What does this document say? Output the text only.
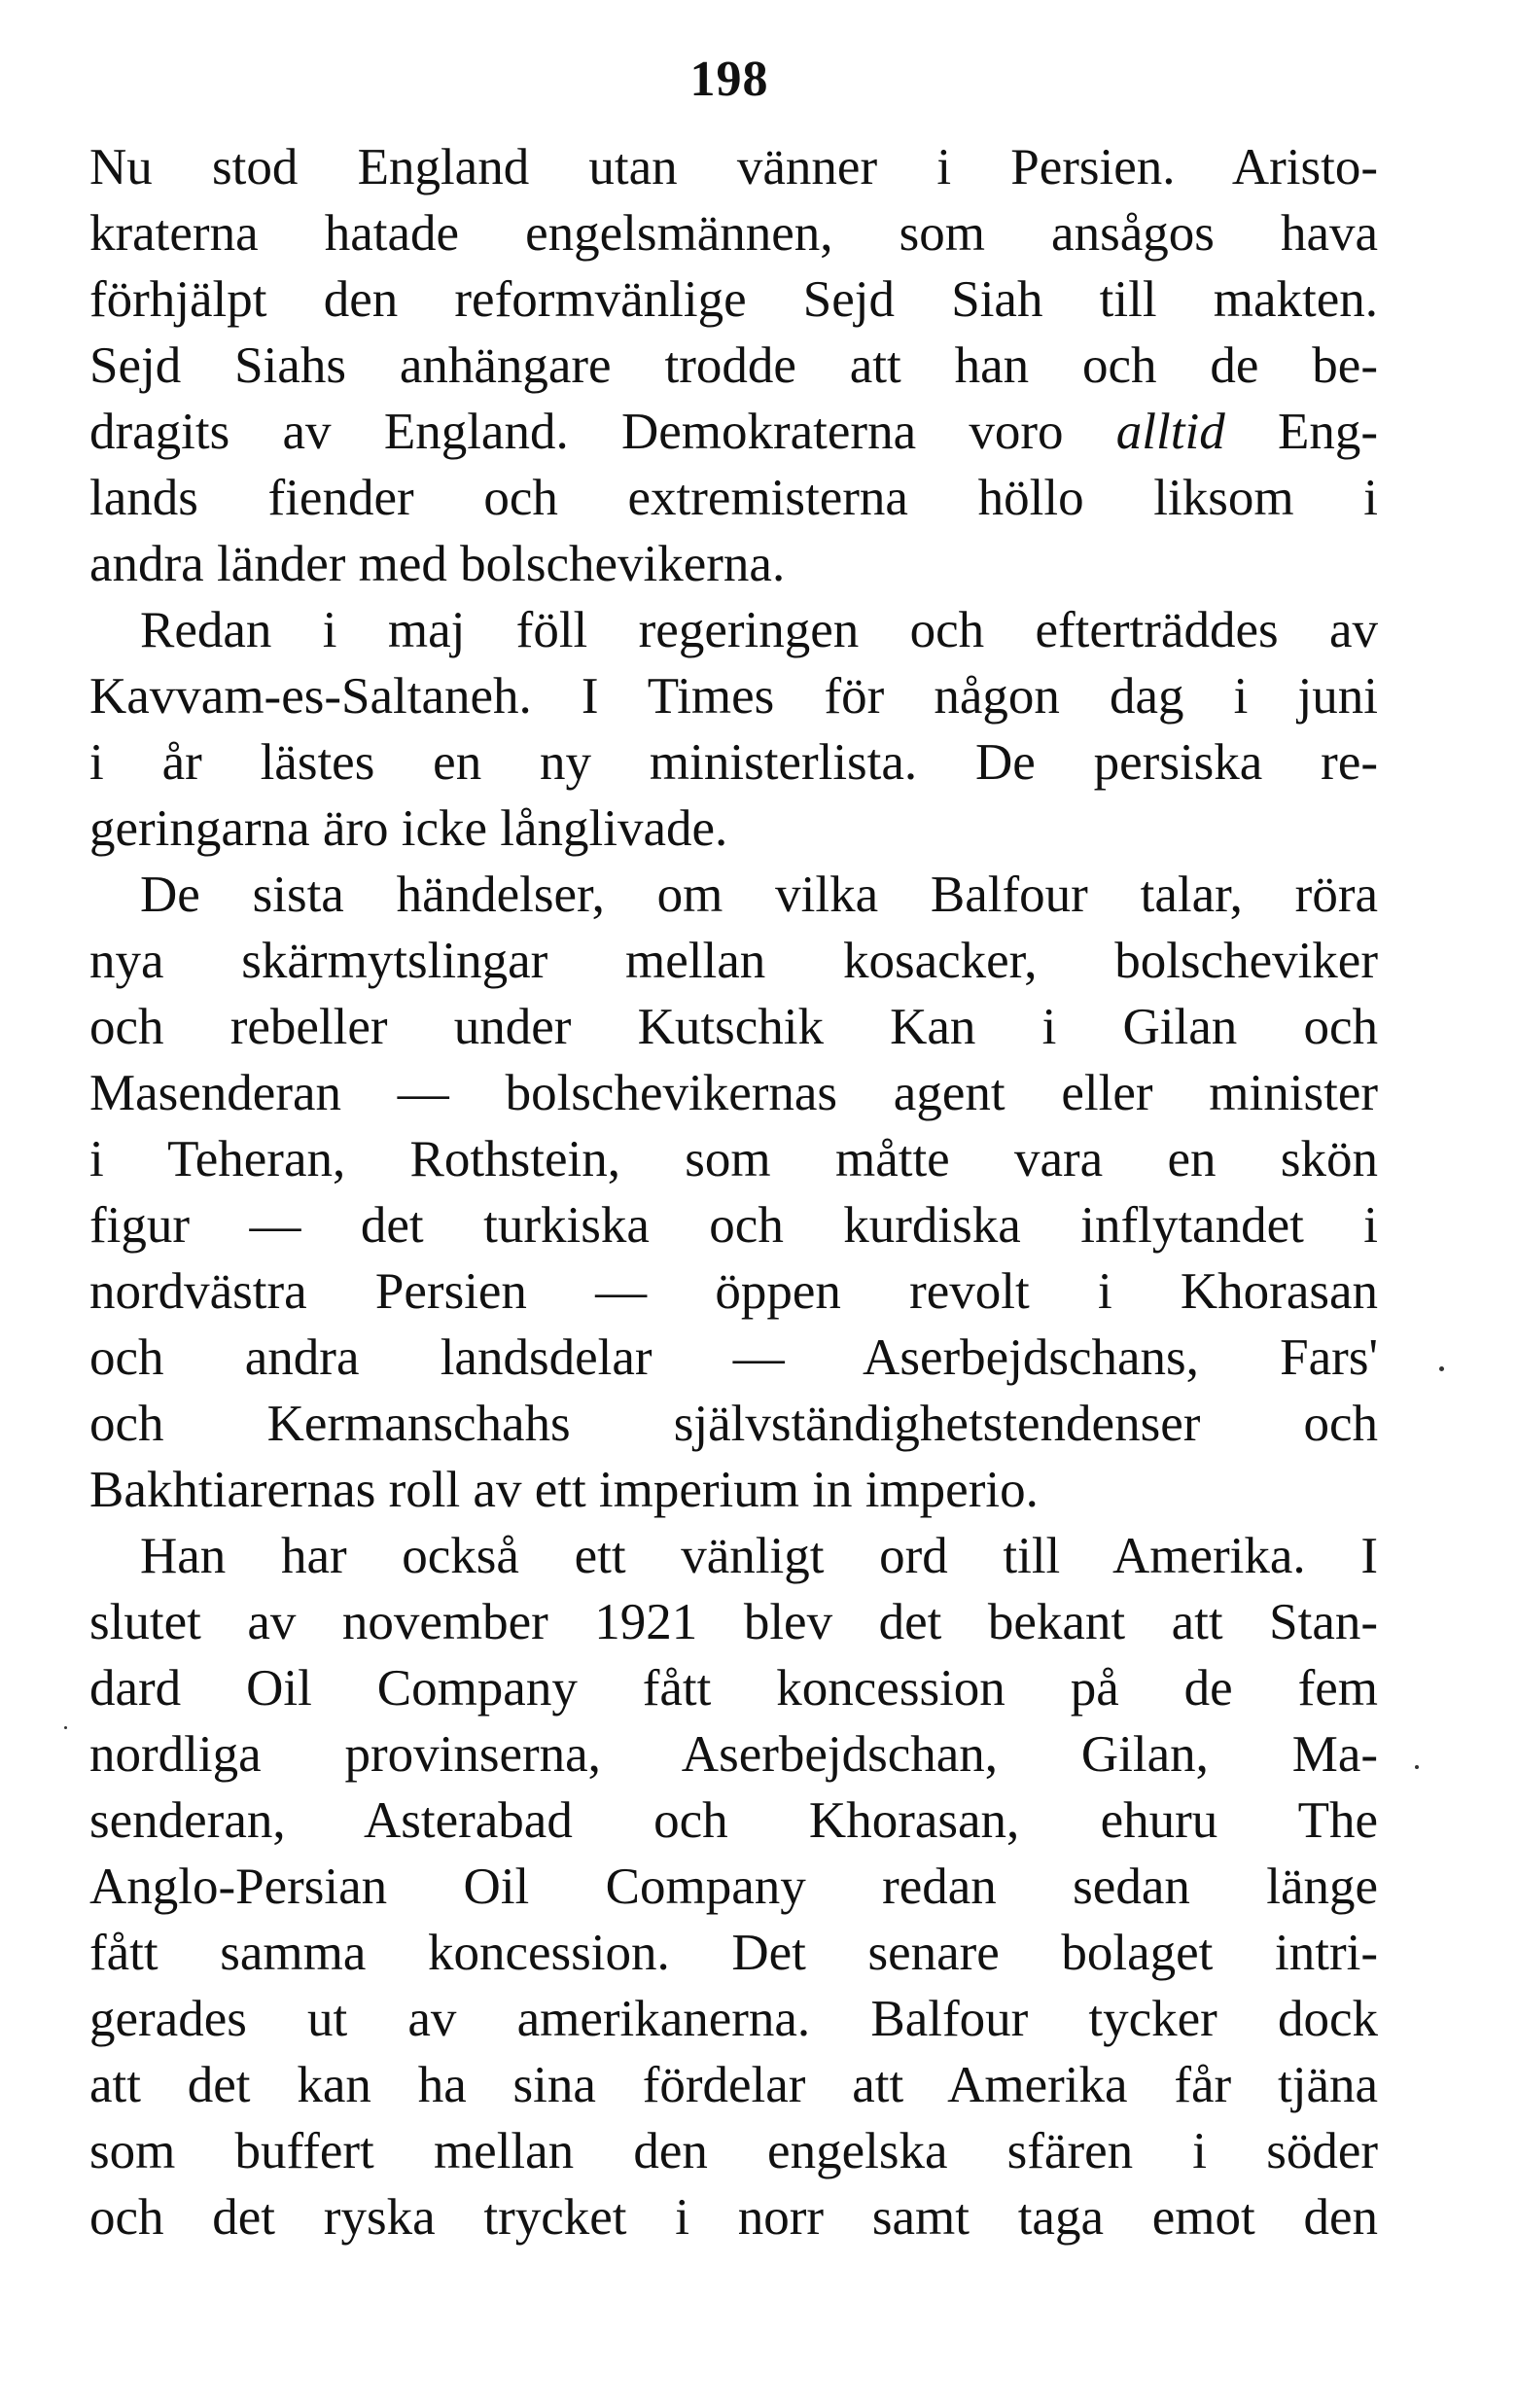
198
Nu stod England utan vänner i Persien. Aristo-
kraterna hatade engelsmännen, som ansågos hava
förhjälpt den reformvänlige Sejd Siah till makten.
Sejd Siahs anhängare trodde att han och de be-
dragits av England. Demokraterna voro alltid Eng-
lands fiender och extremisterna höllo liksom i
andra länder med bolschevikerna.
Redan i maj föll regeringen och efterträddes av
Kavvam-es-Saltaneh. I Times för någon dag i juni
i år lästes en ny ministerlista. De persiska re-
geringarna äro icke långlivade.
De sista händelser, om vilka Balfour talar, röra
nya skärmytslingar mellan kosacker, bolscheviker
och rebeller under Kutschik Kan i Gilan och
Masenderan — bolschevikernas agent eller minister
i Teheran, Rothstein, som måtte vara en skön
figur — det turkiska och kurdiska inflytandet i
nordvästra Persien — öppen revolt i Khorasan
och andra landsdelar — Aserbejdschans, Fars'
och Kermanschahs självständighetstendenser och
Bakhtiarernas roll av ett imperium in imperio.
Han har också ett vänligt ord till Amerika. I
slutet av november 1921 blev det bekant att Stan-
dard Oil Company fått koncession på de fem
nordliga provinserna, Aserbejdschan, Gilan, Ma-
senderan, Asterabad och Khorasan, ehuru The
Anglo-Persian Oil Company redan sedan länge
fått samma koncession. Det senare bolaget intri-
gerades ut av amerikanerna. Balfour tycker dock
att det kan ha sina fördelar att Amerika får tjäna
som buffert mellan den engelska sfären i söder
och det ryska trycket i norr samt taga emot den
